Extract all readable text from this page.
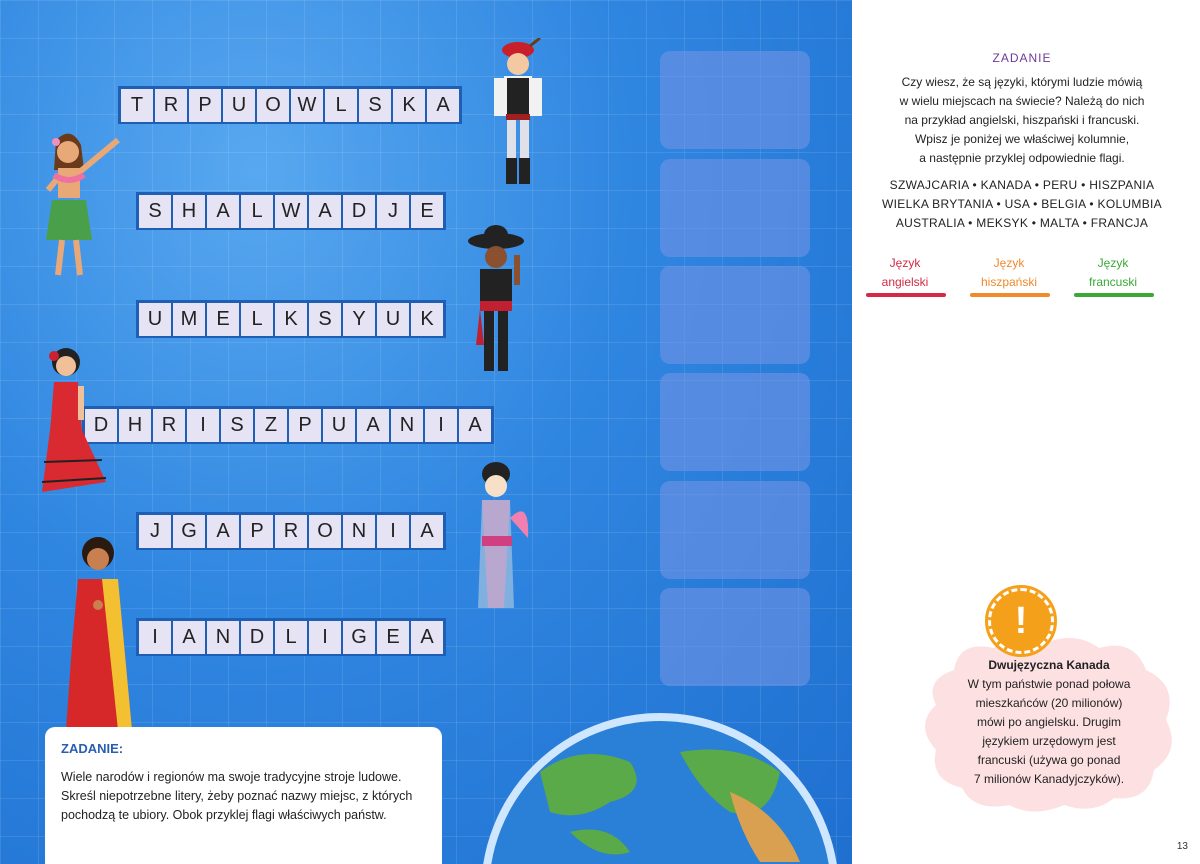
T	R	P	U O W L	S	K	A
S	H	A	L W A	D	J	E
U M E	L	K	S	Y	U	K
D H R	I	S	Z	P	U	A	N	I	A
J	G A	P	R O N	I	A
I	A	N D	L	I	G E	A
ZADANIE:
Wiele narodów i regionów ma swoje tradycyjne stroje ludowe.
Skreśl niepotrzebne litery, żeby poznać nazwy miejsc, z których
pochodzą te ubiory. Obok przyklej flagi właściwych państw.
ZADANIE
Czy wiesz, że są języki, którymi ludzie mówią
w wielu miejscach na świecie? Należą do nich
na przykład angielski, hiszpański i francuski.
Wpisz je poniżej we właściwej kolumnie,
a następnie przyklej odpowiednie flagi.
SZWAJCARIA • KANADA • PERU • HISZPANIA
WIELKA BRYTANIA • USA • BELGIA • KOLUMBIA
AUSTRALIA • MEKSYK • MALTA • FRANCJA
Język
angielski
Język
hiszpański
Język
francuski
!
Dwujęzyczna Kanada
W tym państwie ponad połowa
mieszkańców (20 milionów)
mówi po angielsku. Drugim
językiem urzędowym jest
francuski (używa go ponad
7 milionów Kanadyjczyków).
13
